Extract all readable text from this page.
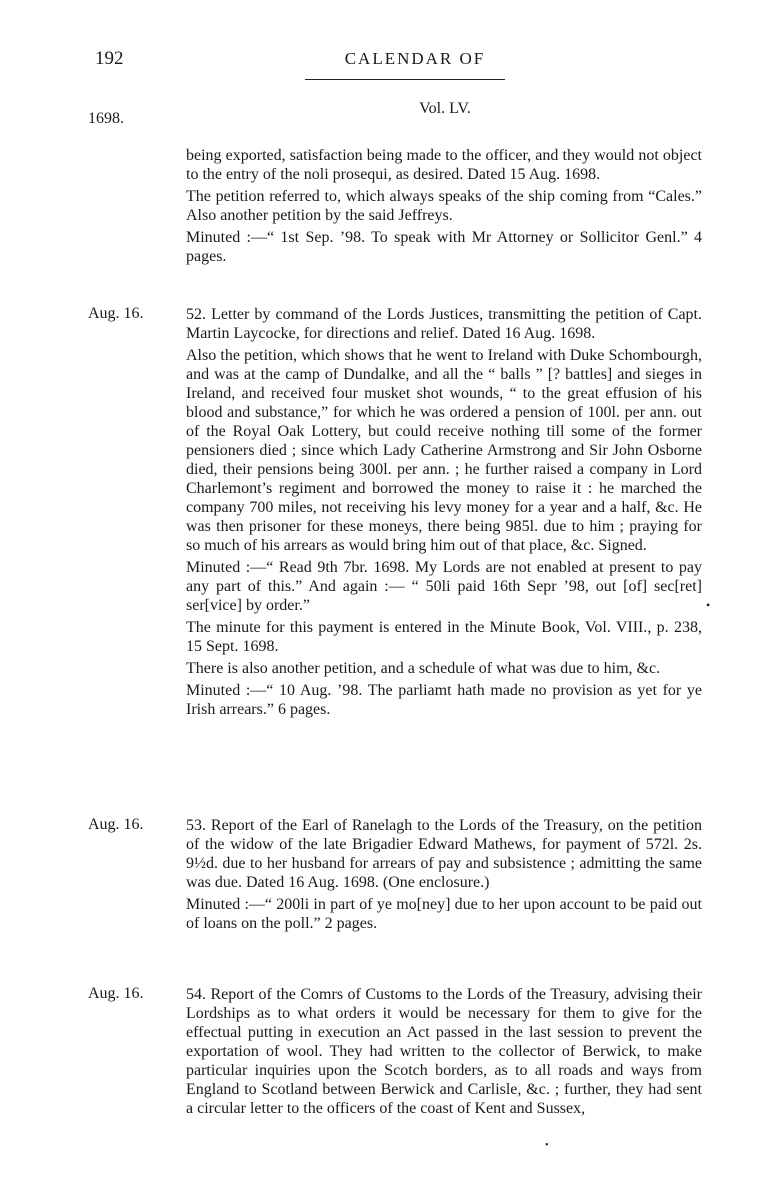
192	CALENDAR OF
Vol. LV.
1698.

being exported, satisfaction being made to the officer, and they would not object to the entry of the noli prosequi, as desired. Dated 15 Aug. 1698.

The petition referred to, which always speaks of the ship coming from “Cales.” Also another petition by the said Jeffreys.

Minuted :—“ 1st Sep. ’98. To speak with Mr Attorney or Sollicitor Genl.” 4 pages.

Aug. 16.	52. Letter by command of the Lords Justices, transmitting the petition of Capt. Martin Laycocke, for directions and relief. Dated 16 Aug. 1698.

Also the petition, which shows that he went to Ireland with Duke Schombourgh, and was at the camp of Dundalke, and all the “ balls ” [? battles] and sieges in Ireland, and received four musket shot wounds, “ to the great effusion of his blood and substance,” for which he was ordered a pension of 100l. per ann. out of the Royal Oak Lottery, but could receive nothing till some of the former pensioners died ; since which Lady Catherine Armstrong and Sir John Osborne died, their pensions being 300l. per ann. ; he further raised a company in Lord Charlemont’s regiment and borrowed the money to raise it : he marched the company 700 miles, not receiving his levy money for a year and a half, &c. He was then prisoner for these moneys, there being 985l. due to him ; praying for so much of his arrears as would bring him out of that place, &c. Signed.

Minuted :—“ Read 9th 7br. 1698. My Lords are not enabled at present to pay any part of this.” And again :— “ 50li paid 16th Sepr ’98, out [of] sec[ret] ser[vice] by order.”

The minute for this payment is entered in the Minute Book, Vol. VIII., p. 238, 15 Sept. 1698.

There is also another petition, and a schedule of what was due to him, &c.

Minuted :—“ 10 Aug. ’98. The parliamt hath made no provision as yet for ye Irish arrears.” 6 pages.

Aug. 16.	53. Report of the Earl of Ranelagh to the Lords of the Treasury, on the petition of the widow of the late Brigadier Edward Mathews, for payment of 572l. 2s. 9½d. due to her husband for arrears of pay and subsistence ; admitting the same was due. Dated 16 Aug. 1698. (One enclosure.)

Minuted :—“ 200li in part of ye mo[ney] due to her upon account to be paid out of loans on the poll.” 2 pages.

Aug. 16.	54. Report of the Comrs of Customs to the Lords of the Treasury, advising their Lordships as to what orders it would be necessary for them to give for the effectual putting in execution an Act passed in the last session to prevent the exportation of wool. They had written to the collector of Berwick, to make particular inquiries upon the Scotch borders, as to all roads and ways from England to Scotland between Berwick and Carlisle, &c. ; further, they had sent a circular letter to the officers of the coast of Kent and Sussex,

•
•
